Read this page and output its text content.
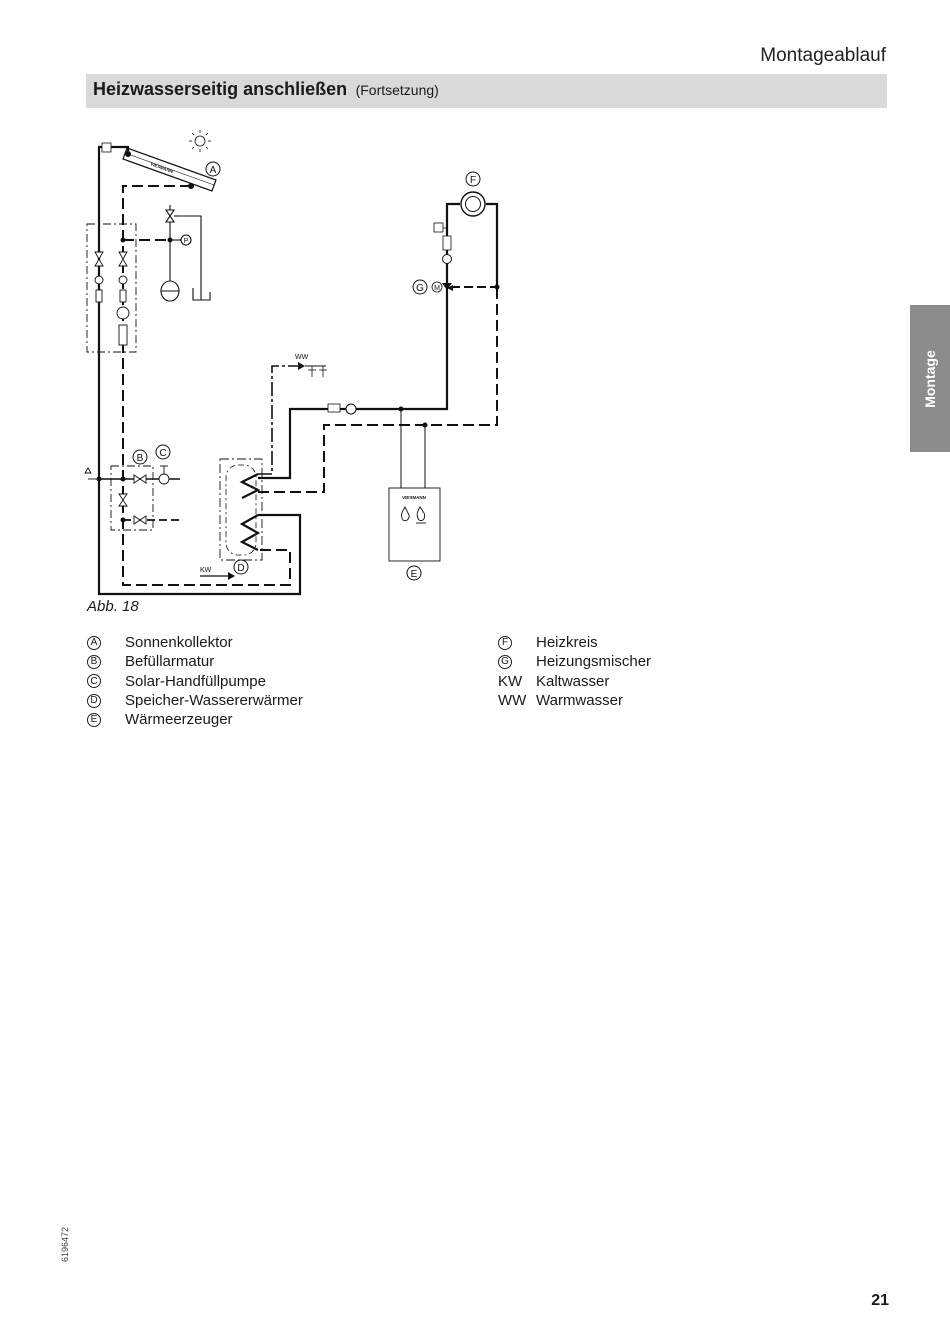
Montageablauf
Heizwasserseitig anschließen (Fortsetzung)
Montage
VIESMANN	A
P
B C
WW
KW	D
VIESMANN
E
M
F
G
Abb. 18
A Sonnenkollektor
B Befüllarmatur
C Solar-Handfüllpumpe
D Speicher-Wassererwärmer
E Wärmeerzeuger
F Heizkreis
G Heizungsmischer
KW Kaltwasser
WW Warmwasser
6196472
21
